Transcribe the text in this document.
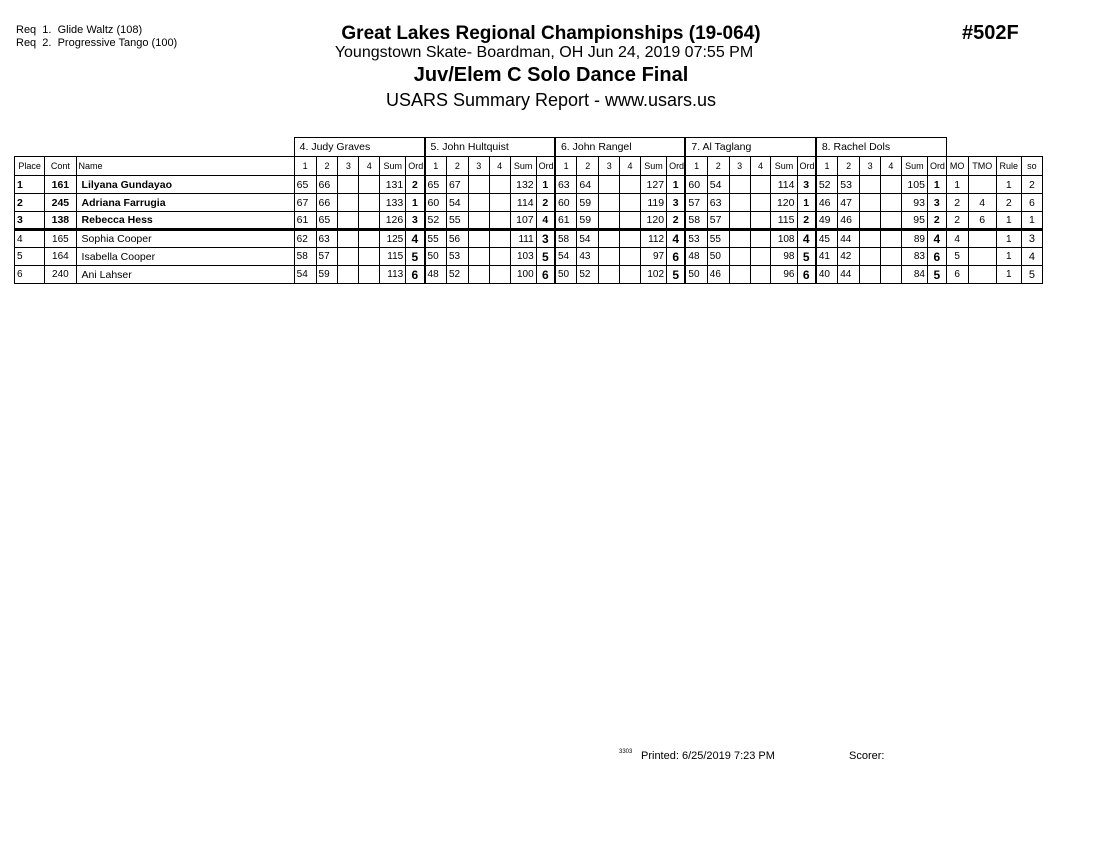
Req  1.  Glide Waltz (108)
Req  2.  Progressive Tango (100)	#502F
Great Lakes Regional Championships (19-064)
Youngstown Skate- Boardman, OH Jun 24, 2019 07:55 PM
Juv/Elem C Solo Dance Final
USARS Summary Report - www.usars.us
			4. Judy Graves						5. John Hultquist						6. John Rangel						7. Al Taglang						8. Rachel Dols									
Place	Cont	Name	1	2	3	4	Sum	Ord	1	2	3	4	Sum	Ord	1	2	3	4	Sum	Ord	1	2	3	4	Sum	Ord	1	2	3	4	Sum	Ord	MO	TMO	Rule	so
1	161	Lilyana Gundayao	65	66			131	2	65	67			132	1	63	64			127	1	60	54			114	3	52	53			105	1	1		1	2
2	245	Adriana Farrugia	67	66			133	1	60	54			114	2	60	59			119	3	57	63			120	1	46	47			93	3	2	4	2	6
3	138	Rebecca Hess	61	65			126	3	52	55			107	4	61	59			120	2	58	57			115	2	49	46			95	2	2	6	1	1
4	165	Sophia Cooper	62	63			125	4	55	56			111	3	58	54			112	4	53	55			108	4	45	44			89	4	4		1	3
5	164	Isabella Cooper	58	57			115	5	50	53			103	5	54	43			97	6	48	50			98	5	41	42			83	6	5		1	4
6	240	Ani Lahser	54	59			113	6	48	52			100	6	50	52			102	5	50	46			96	6	40	44			84	5	6		1	5
3303 Printed: 6/25/2019 7:23 PM	Scorer:
